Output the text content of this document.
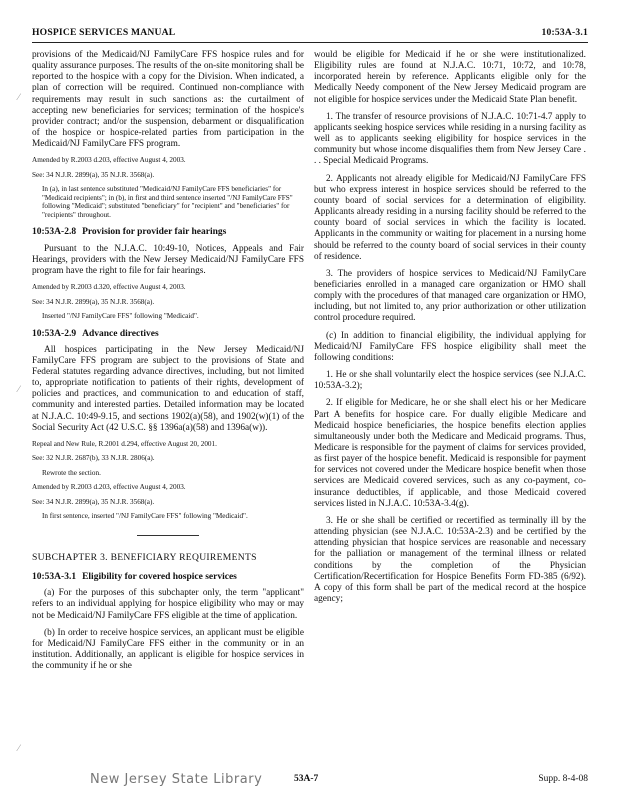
HOSPICE SERVICES MANUAL	10:53A-3.1
⁄
⁄
⁄

provisions of the Medicaid/NJ FamilyCare FFS hospice rules and for quality assurance purposes. The results of the on-site monitoring shall be reported to the hospice with a copy for the Division. When indicated, a plan of correction will be required. Continued non-compliance with requirements may result in such sanctions as: the curtailment of accepting new beneficiaries for services; termination of the hospice's provider contract; and/or the suspension, debarment or disqualification of the hospice or hospice-related parties from participation in the Medicaid/NJ FamilyCare FFS program.

Amended by R.2003 d.203, effective August 4, 2003.

See: 34 N.J.R. 2899(a), 35 N.J.R. 3568(a).

In (a), in last sentence substituted "Medicaid/NJ FamilyCare FFS beneficiaries" for "Medicaid recipients"; in (b), in first and third sentence inserted "/NJ FamilyCare FFS" following "Medicaid"; substituted "beneficiary" for "recipient" and "beneficiaries" for "recipients" throughout.

10:53A-2.8 Provision for provider fair hearings

Pursuant to the N.J.A.C. 10:49-10, Notices, Appeals and Fair Hearings, providers with the New Jersey Medicaid/NJ FamilyCare FFS program have the right to file for fair hearings.

Amended by R.2003 d.320, effective August 4, 2003.

See: 34 N.J.R. 2899(a), 35 N.J.R. 3568(a).

Inserted "/NJ FamilyCare FFS" following "Medicaid".

10:53A-2.9 Advance directives

All hospices participating in the New Jersey Medicaid/NJ FamilyCare FFS program are subject to the provisions of State and Federal statutes regarding advance directives, including, but not limited to, appropriate notification to patients of their rights, development of policies and practices, and communication to and education of staff, community and interested parties. Detailed information may be located at N.J.A.C. 10:49-9.15, and sections 1902(a)(58), and 1902(w)(1) of the Social Security Act (42 U.S.C. §§ 1396a(a)(58) and 1396a(w)).

Repeal and New Rule, R.2001 d.294, effective August 20, 2001.

See: 32 N.J.R. 2687(b), 33 N.J.R. 2806(a).

Rewrote the section.

Amended by R.2003 d.203, effective August 4, 2003.

See: 34 N.J.R. 2899(a), 35 N.J.R. 3568(a).

In first sentence, inserted "/NJ FamilyCare FFS" following "Medicaid".

SUBCHAPTER 3. BENEFICIARY REQUIREMENTS

10:53A-3.1 Eligibility for covered hospice services

(a) For the purposes of this subchapter only, the term "applicant" refers to an individual applying for hospice eligibility who may or may not be Medicaid/NJ FamilyCare FFS eligible at the time of application.

(b) In order to receive hospice services, an applicant must be eligible for Medicaid/NJ FamilyCare FFS either in the community or in an institution. Additionally, an applicant is eligible for hospice services in the community if he or she

would be eligible for Medicaid if he or she were institutionalized. Eligibility rules are found at N.J.A.C. 10:71, 10:72, and 10:78, incorporated herein by reference. Applicants eligible only for the Medically Needy component of the New Jersey Medicaid program are not eligible for hospice services under the Medicaid State Plan benefit.

1. The transfer of resource provisions of N.J.A.C. 10:71-4.7 apply to applicants seeking hospice services while residing in a nursing facility as well as to applicants seeking eligibility for hospice services in the community but whose income disqualifies them from New Jersey Care . . . Special Medicaid Programs.

2. Applicants not already eligible for Medicaid/NJ FamilyCare FFS but who express interest in hospice services should be referred to the county board of social services for a determination of eligibility. Applicants already residing in a nursing facility should be referred to the county board of social services in which the facility is located. Applicants in the community or waiting for placement in a nursing home should be referred to the county board of social services in their county of residence.

3. The providers of hospice services to Medicaid/NJ FamilyCare beneficiaries enrolled in a managed care organization or HMO shall comply with the procedures of that managed care organization or HMO, including, but not limited to, any prior authorization or other utilization control procedure required.

(c) In addition to financial eligibility, the individual applying for Medicaid/NJ FamilyCare FFS hospice eligibility shall meet the following conditions:

1. He or she shall voluntarily elect the hospice services (see N.J.A.C. 10:53A-3.2);

2. If eligible for Medicare, he or she shall elect his or her Medicare Part A benefits for hospice care. For dually eligible Medicare and Medicaid hospice beneficiaries, the hospice benefits election applies simultaneously under both the Medicare and Medicaid programs. Thus, Medicare is responsible for the payment of claims for services provided, as first payer of the hospice benefit. Medicaid is responsible for payment for services not covered under the Medicare hospice benefit when those services are Medicaid covered services, such as any co-payment, co-insurance deductibles, if applicable, and those Medicaid covered services listed in N.J.A.C. 10:53A-3.4(g).

3. He or she shall be certified or recertified as terminally ill by the attending physician (see N.J.A.C. 10:53A-2.3) and be certified by the attending physician that hospice services are reasonable and necessary for the palliation or management of the terminal illness or related conditions by the completion of the Physician Certification/Recertification for Hospice Benefits Form FD-385 (6/92). A copy of this form shall be part of the medical record at the hospice agency;

New Jersey State Library	53A-7	Supp. 8-4-08
